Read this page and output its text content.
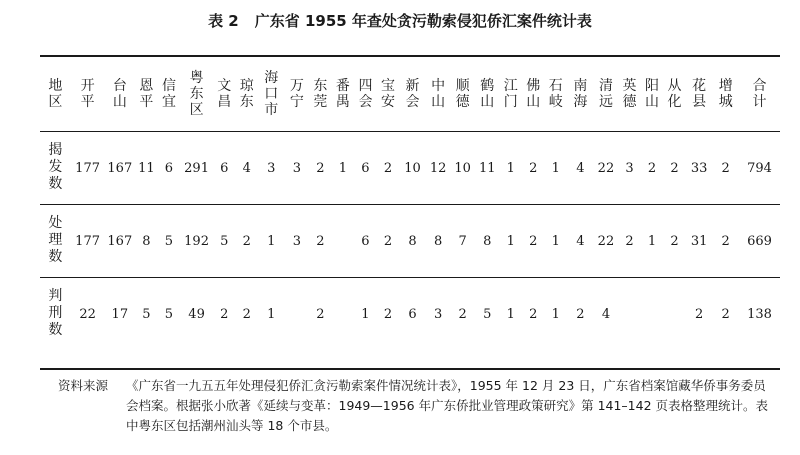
表 2 广东省 1955 年查处贪污勒索侵犯侨汇案件统计表
地区	开平	台山	恩平	信宜	粤东区	文昌	琼东	海口市	万宁	东莞	番禺	四会	宝安	新会	中山	顺德	鹤山	江门	佛山	石岐	南海	清远	英德	阳山	从化	花县	增城	合计
揭发数	177	167	11	6	291	6	4	3	3	2	1	6	2	10	12	10	11	1	2	1	4	22	3	2	2	33	2	794
处理数	177	167	8	5	192	5	2	1	3	2		6	2	8	8	7	8	1	2	1	4	22	2	1	2	31	2	669
判刑数	22	17	5	5	49	2	2	1		2		1	2	6	3	2	5	1	2	1	2	4				2	2	138
资料来源 《广东省一九五五年处理侵犯侨汇贪污勒索案件情况统计表》，1955 年 12 月 23 日，广东省档案馆藏华侨事务委员会档案。根据张小欣著《延续与变革：1949—1956 年广东侨批业管理政策研究》第 141–142 页表格整理统计。表中粤东区包括潮州汕头等 18 个市县。
